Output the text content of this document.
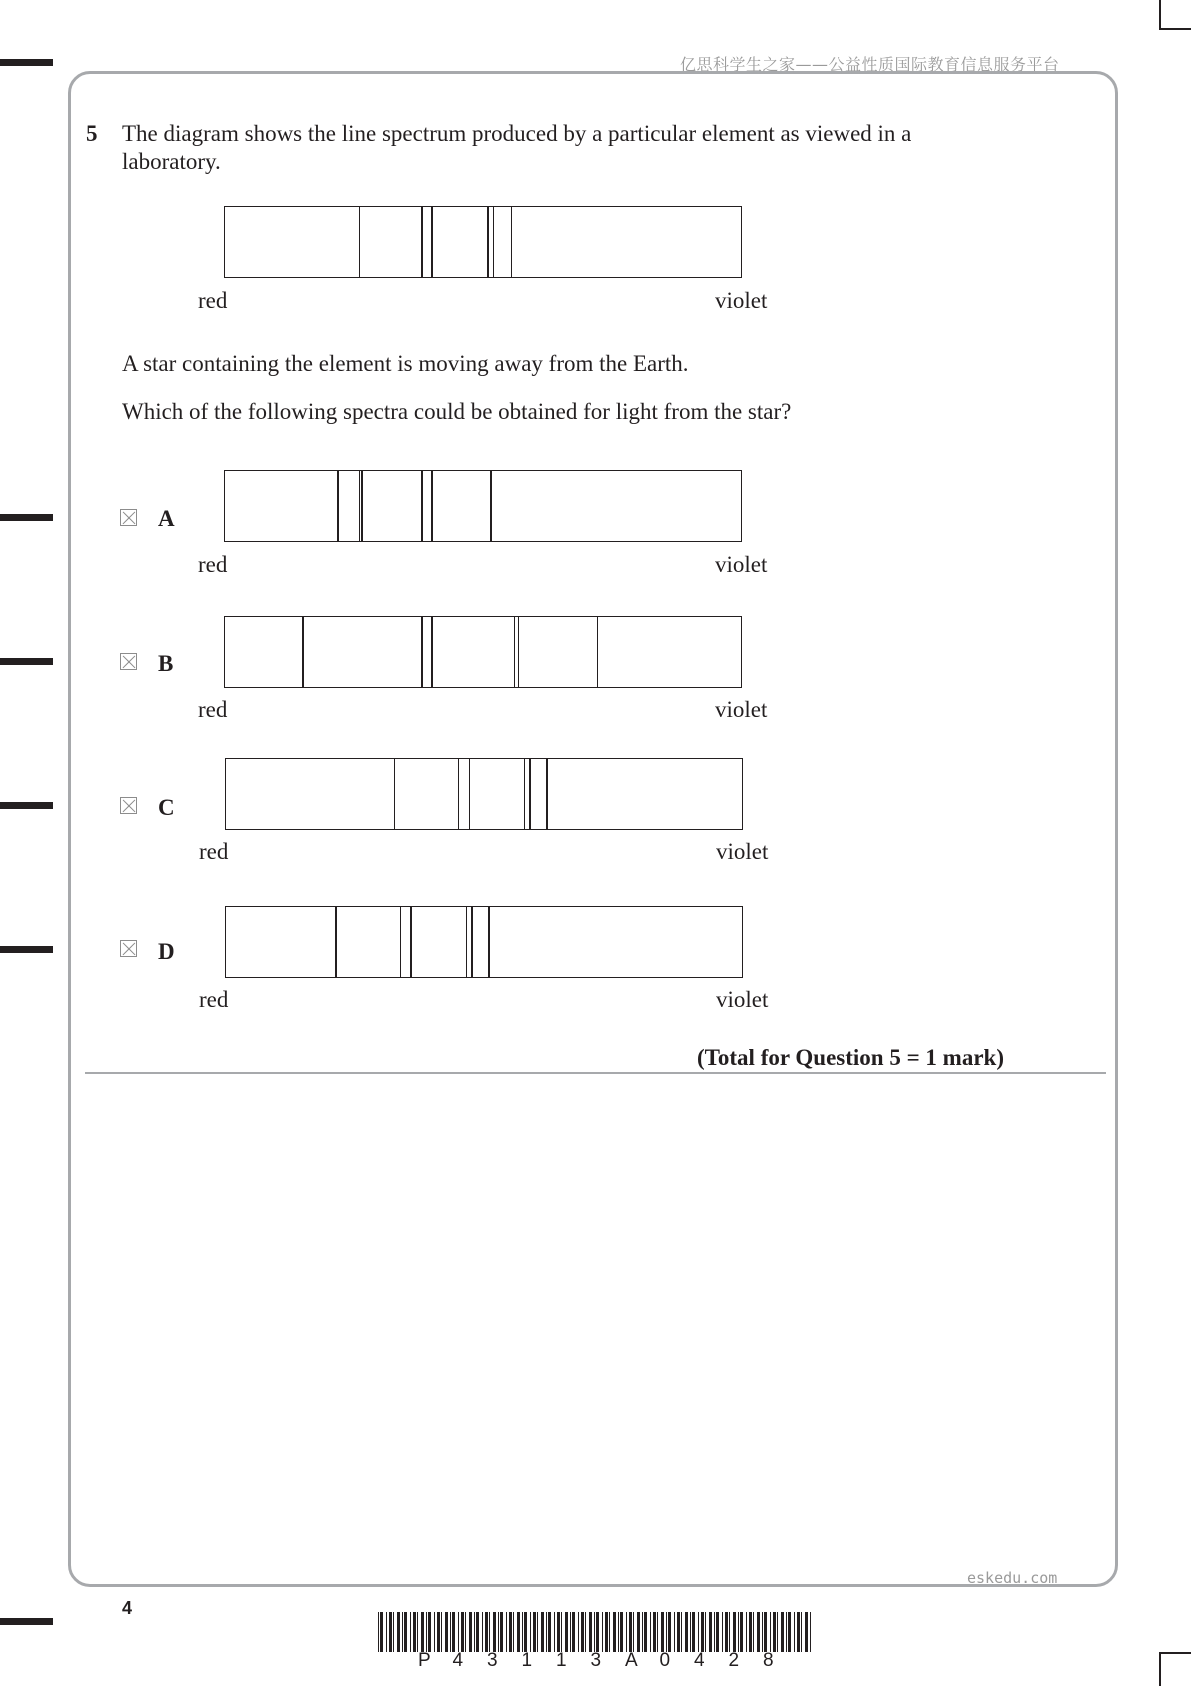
亿思科学生之家——公益性质国际教育信息服务平台
5 The diagram shows the line spectrum produced by a particular element as viewed in a
laboratory.
red	violet
A star containing the element is moving away from the Earth.
Which of the following spectra could be obtained for light from the star?
A
red	violet
B
red	violet
C
red	violet
D
red	violet
(Total for Question 5 = 1 mark)
eskedu.com
4
P 4 3 1 1 3 A 0 4 2 8
